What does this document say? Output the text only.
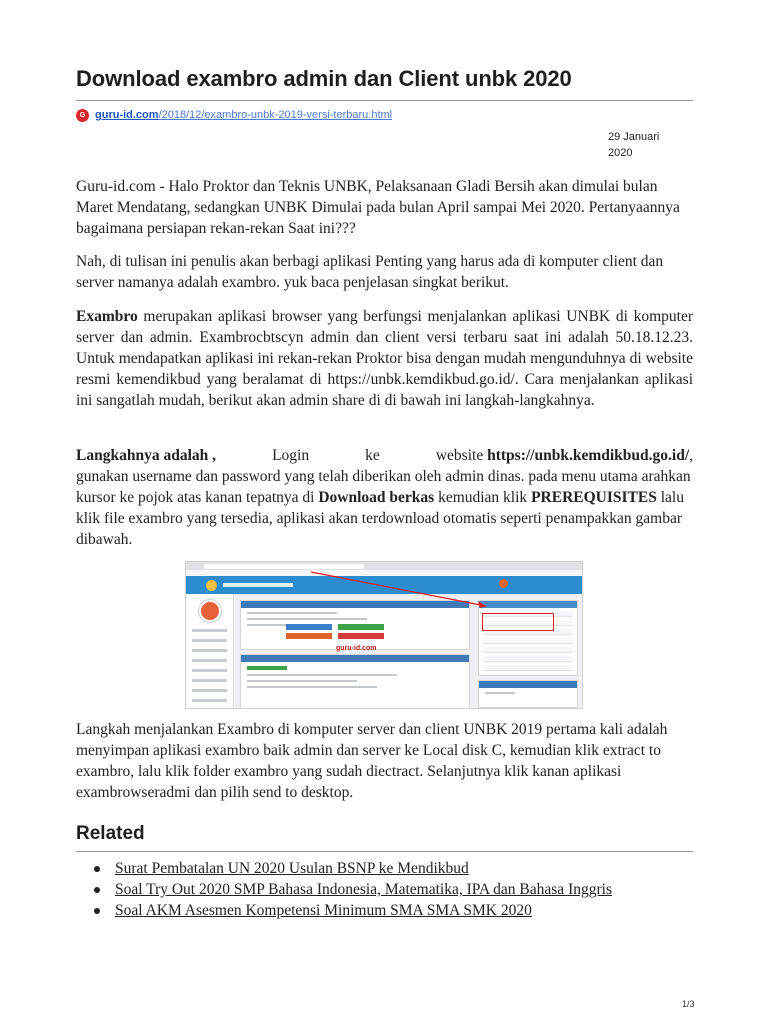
Download exambro admin dan Client unbk 2020
G guru-id.com /2018/12/exambro-unbk-2019-versi-terbaru.html
29 Januari
2020

Guru-id.com - Halo Proktor dan Teknis UNBK, Pelaksanaan Gladi Bersih akan dimulai bulan Maret Mendatang, sedangkan UNBK Dimulai pada bulan April sampai Mei 2020. Pertanyaannya bagaimana persiapan rekan-rekan Saat ini???

Nah, di tulisan ini penulis akan berbagi aplikasi Penting yang harus ada di komputer client dan server namanya adalah exambro. yuk baca penjelasan singkat berikut.

Exambro merupakan aplikasi browser yang berfungsi menjalankan aplikasi UNBK di komputer server dan admin. Exambrocbtscyn admin dan client versi terbaru saat ini adalah 50.18.12.23. Untuk mendapatkan aplikasi ini rekan-rekan Proktor bisa dengan mudah mengunduhnya di website resmi kemendikbud yang beralamat di https://unbk.kemdikbud.go.id/. Cara menjalankan aplikasi ini sangatlah mudah, berikut akan admin share di di bawah ini langkah-langkahnya.

Langkahnya adalah ,	Login	ke	website https://unbk.kemdikbud.go.id/,
gunakan username dan password yang telah diberikan oleh admin dinas. pada menu utama arahkan kursor ke pojok atas kanan tepatnya di Download berkas kemudian klik PREREQUISITES lalu klik file exambro yang tersedia, aplikasi akan terdownload otomatis seperti penampakkan gambar dibawah.
guru-id.com

Langkah menjalankan Exambro di komputer server dan client UNBK 2019 pertama kali adalah menyimpan aplikasi exambro baik admin dan server ke Local disk C, kemudian klik extract to exambro, lalu klik folder exambro yang sudah diectract. Selanjutnya klik kanan aplikasi exambrowseradmi dan pilih send to desktop.

Related
Surat Pembatalan UN 2020 Usulan BSNP ke Mendikbud
Soal Try Out 2020 SMP Bahasa Indonesia, Matematika, IPA dan Bahasa Inggris
Soal AKM Asesmen Kompetensi Minimum SMA SMA SMK 2020
1/3
